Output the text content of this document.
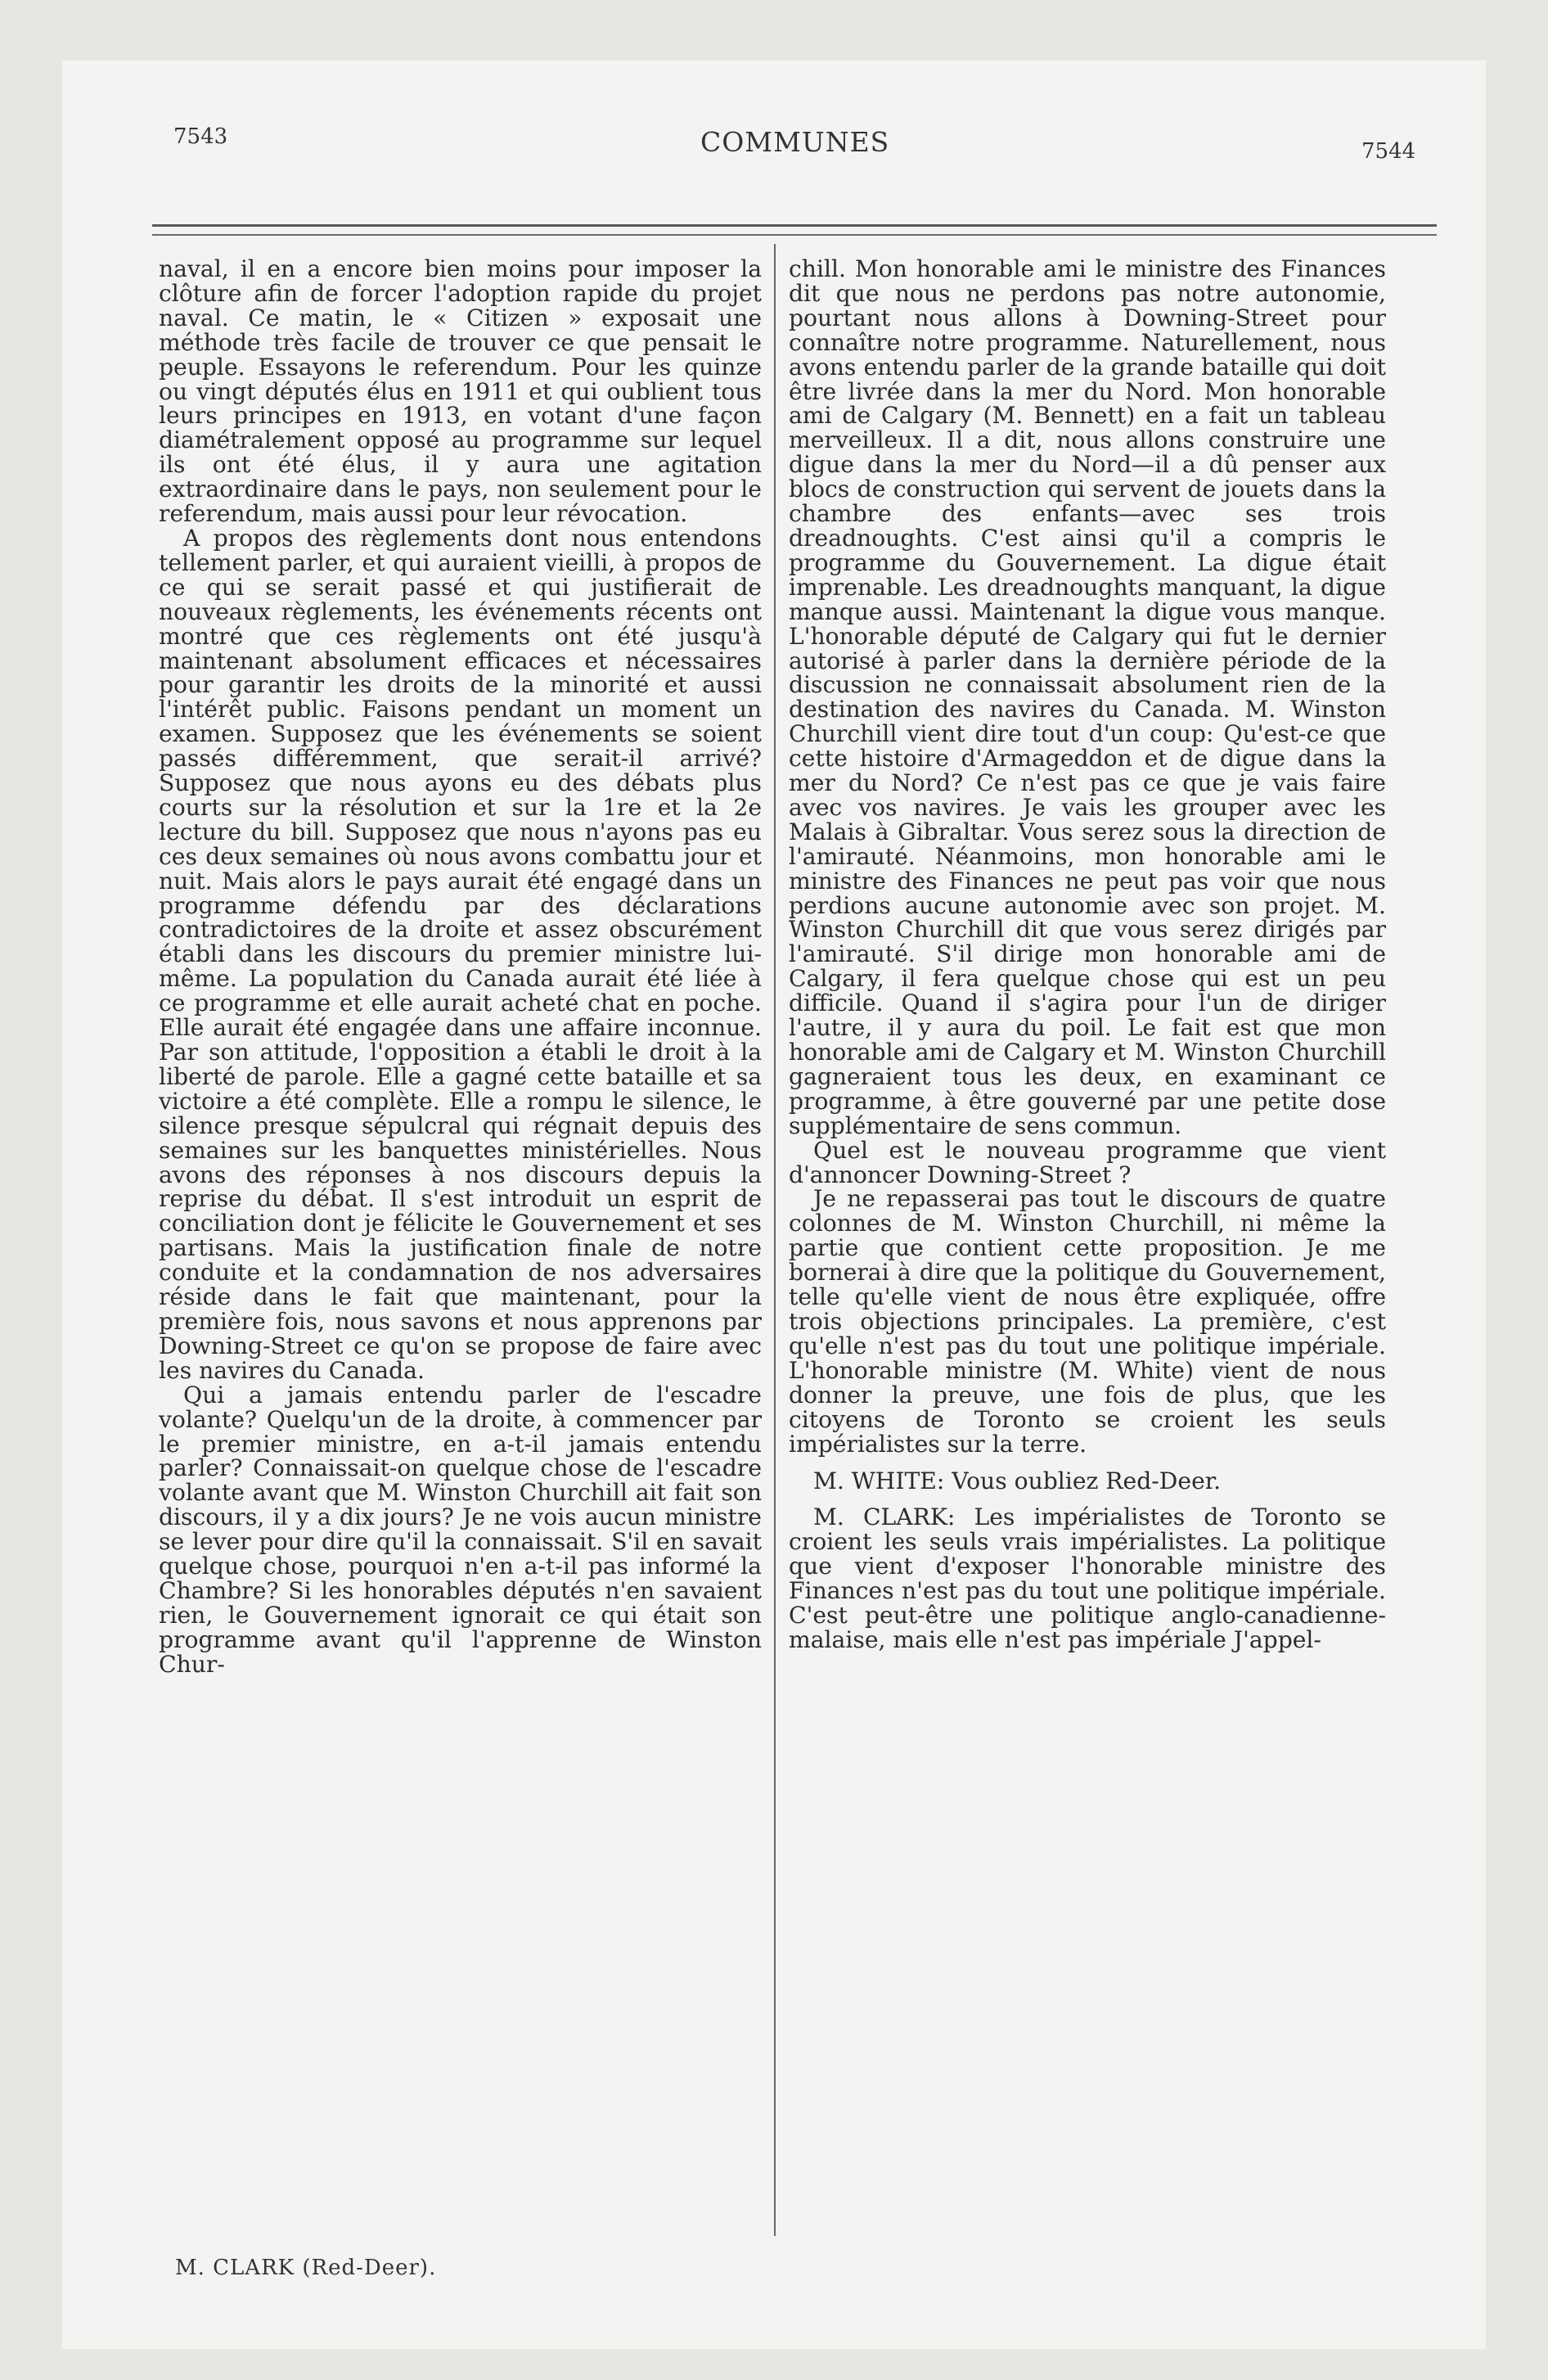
7543	COMMUNES	7544

naval, il en a encore bien moins pour imposer la clôture afin de forcer l'adoption rapide du projet naval. Ce matin, le « Citizen » exposait une méthode très facile de trouver ce que pensait le peuple. Essayons le referendum. Pour les quinze ou vingt députés élus en 1911 et qui oublient tous leurs principes en 1913, en votant d'une façon diamétralement opposé au programme sur lequel ils ont été élus, il y aura une agitation extraordinaire dans le pays, non seulement pour le referendum, mais aussi pour leur révocation.

A propos des règlements dont nous entendons tellement parler, et qui auraient vieilli, à propos de ce qui se serait passé et qui justifierait de nouveaux règlements, les événements récents ont montré que ces règlements ont été jusqu'à maintenant absolument efficaces et nécessaires pour garantir les droits de la minorité et aussi l'intérêt public. Faisons pendant un moment un examen. Supposez que les événements se soient passés différemment, que serait-il arrivé? Supposez que nous ayons eu des débats plus courts sur la résolution et sur la 1re et la 2e lecture du bill. Supposez que nous n'ayons pas eu ces deux semaines où nous avons combattu jour et nuit. Mais alors le pays aurait été engagé dans un programme défendu par des déclarations contradictoires de la droite et assez obscurément établi dans les discours du premier ministre lui-même. La population du Canada aurait été liée à ce programme et elle aurait acheté chat en poche. Elle aurait été engagée dans une affaire inconnue. Par son attitude, l'opposition a établi le droit à la liberté de parole. Elle a gagné cette bataille et sa victoire a été complète. Elle a rompu le silence, le silence presque sépulcral qui régnait depuis des semaines sur les banquettes ministérielles. Nous avons des réponses à nos discours depuis la reprise du débat. Il s'est introduit un esprit de conciliation dont je félicite le Gouvernement et ses partisans. Mais la justification finale de notre conduite et la condamnation de nos adversaires réside dans le fait que maintenant, pour la première fois, nous savons et nous apprenons par Downing-Street ce qu'on se propose de faire avec les navires du Canada.

Qui a jamais entendu parler de l'escadre volante? Quelqu'un de la droite, à commencer par le premier ministre, en a-t-il jamais entendu parler? Connaissait-on quelque chose de l'escadre volante avant que M. Winston Churchill ait fait son discours, il y a dix jours? Je ne vois aucun ministre se lever pour dire qu'il la connaissait. S'il en savait quelque chose, pourquoi n'en a-t-il pas informé la Chambre? Si les honorables députés n'en savaient rien, le Gouvernement ignorait ce qui était son programme avant qu'il l'apprenne de Winston Chur-

chill. Mon honorable ami le ministre des Finances dit que nous ne perdons pas notre autonomie, pourtant nous allons à Downing-Street pour connaître notre programme. Naturellement, nous avons entendu parler de la grande bataille qui doit être livrée dans la mer du Nord. Mon honorable ami de Calgary (M. Bennett) en a fait un tableau merveilleux. Il a dit, nous allons construire une digue dans la mer du Nord—il a dû penser aux blocs de construction qui servent de jouets dans la chambre des enfants—avec ses trois dreadnoughts. C'est ainsi qu'il a compris le programme du Gouvernement. La digue était imprenable. Les dreadnoughts manquant, la digue manque aussi. Maintenant la digue vous manque. L'honorable député de Calgary qui fut le dernier autorisé à parler dans la dernière période de la discussion ne connaissait absolument rien de la destination des navires du Canada. M. Winston Churchill vient dire tout d'un coup: Qu'est-ce que cette histoire d'Armageddon et de digue dans la mer du Nord? Ce n'est pas ce que je vais faire avec vos navires. Je vais les grouper avec les Malais à Gibraltar. Vous serez sous la direction de l'amirauté. Néanmoins, mon honorable ami le ministre des Finances ne peut pas voir que nous perdions aucune autonomie avec son projet. M. Winston Churchill dit que vous serez dirigés par l'amirauté. S'il dirige mon honorable ami de Calgary, il fera quelque chose qui est un peu difficile. Quand il s'agira pour l'un de diriger l'autre, il y aura du poil. Le fait est que mon honorable ami de Calgary et M. Winston Churchill gagneraient tous les deux, en examinant ce programme, à être gouverné par une petite dose supplémentaire de sens commun.

Quel est le nouveau programme que vient d'annoncer Downing-Street ?

Je ne repasserai pas tout le discours de quatre colonnes de M. Winston Churchill, ni même la partie que contient cette proposition. Je me bornerai à dire que la politique du Gouvernement, telle qu'elle vient de nous être expliquée, offre trois objections principales. La première, c'est qu'elle n'est pas du tout une politique impériale. L'honorable ministre (M. White) vient de nous donner la preuve, une fois de plus, que les citoyens de Toronto se croient les seuls impérialistes sur la terre.

M. WHITE: Vous oubliez Red-Deer.

M. CLARK: Les impérialistes de Toronto se croient les seuls vrais impérialistes. La politique que vient d'exposer l'honorable ministre des Finances n'est pas du tout une politique impériale. C'est peut-être une politique anglo-canadienne-malaise, mais elle n'est pas impériale J'appel-

M. CLARK (Red-Deer).
